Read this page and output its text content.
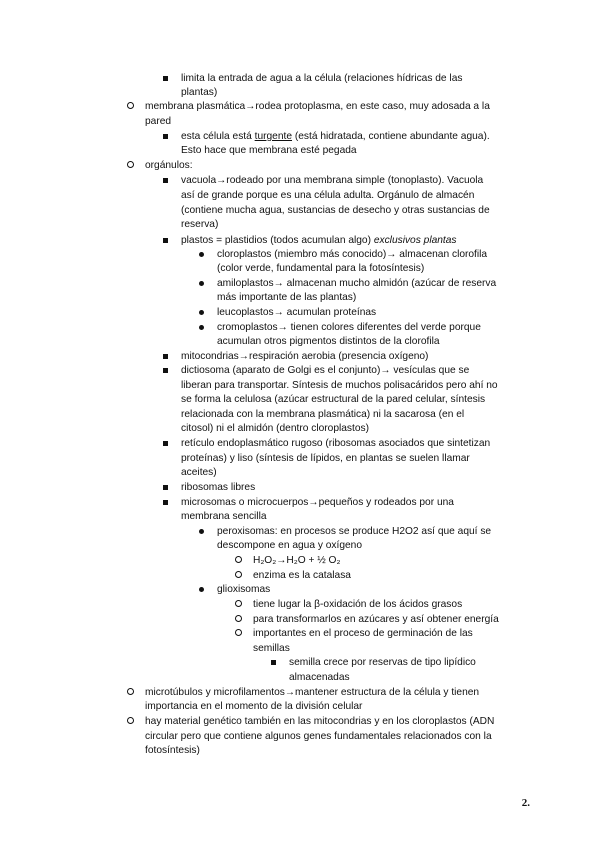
limita la entrada de agua a la célula (relaciones hídricas de las
plantas)
membrana plasmática→rodea protoplasma, en este caso, muy adosada a la
pared
esta célula está turgente (está hidratada, contiene abundante agua).
Esto hace que membrana esté pegada
orgánulos:
vacuola→rodeado por una membrana simple (tonoplasto). Vacuola
así de grande porque es una célula adulta. Orgánulo de almacén
(contiene mucha agua, sustancias de desecho y otras sustancias de
reserva)
plastos = plastidios (todos acumulan algo) exclusivos plantas
cloroplastos (miembro más conocido)→ almacenan clorofila
(color verde, fundamental para la fotosíntesis)
amiloplastos→ almacenan mucho almidón (azúcar de reserva
más importante de las plantas)
leucoplastos→ acumulan proteínas
cromoplastos→ tienen colores diferentes del verde porque
acumulan otros pigmentos distintos de la clorofila
mitocondrias→respiración aerobia (presencia oxígeno)
dictiosoma (aparato de Golgi es el conjunto)→ vesículas que se
liberan para transportar. Síntesis de muchos polisacáridos pero ahí no
se forma la celulosa (azúcar estructural de la pared celular, síntesis
relacionada con la membrana plasmática) ni la sacarosa (en el
citosol) ni el almidón (dentro cloroplastos)
retículo endoplasmático rugoso (ribosomas asociados que sintetizan
proteínas) y liso (síntesis de lípidos, en plantas se suelen llamar
aceites)
ribosomas libres
microsomas o microcuerpos→pequeños y rodeados por una
membrana sencilla
peroxisomas: en procesos se produce H2O2 así que aquí se
descompone en agua y oxígeno
H₂O₂→H₂O + ½ O₂
enzima es la catalasa
glioxisomas
tiene lugar la β-oxidación de los ácidos grasos
para transformarlos en azúcares y así obtener energía
importantes en el proceso de germinación de las
semillas
semilla crece por reservas de tipo lipídico
almacenadas
microtúbulos y microfilamentos→mantener estructura de la célula y tienen
importancia en el momento de la división celular
hay material genético también en las mitocondrias y en los cloroplastos (ADN
circular pero que contiene algunos genes fundamentales relacionados con la
fotosíntesis)
2.
